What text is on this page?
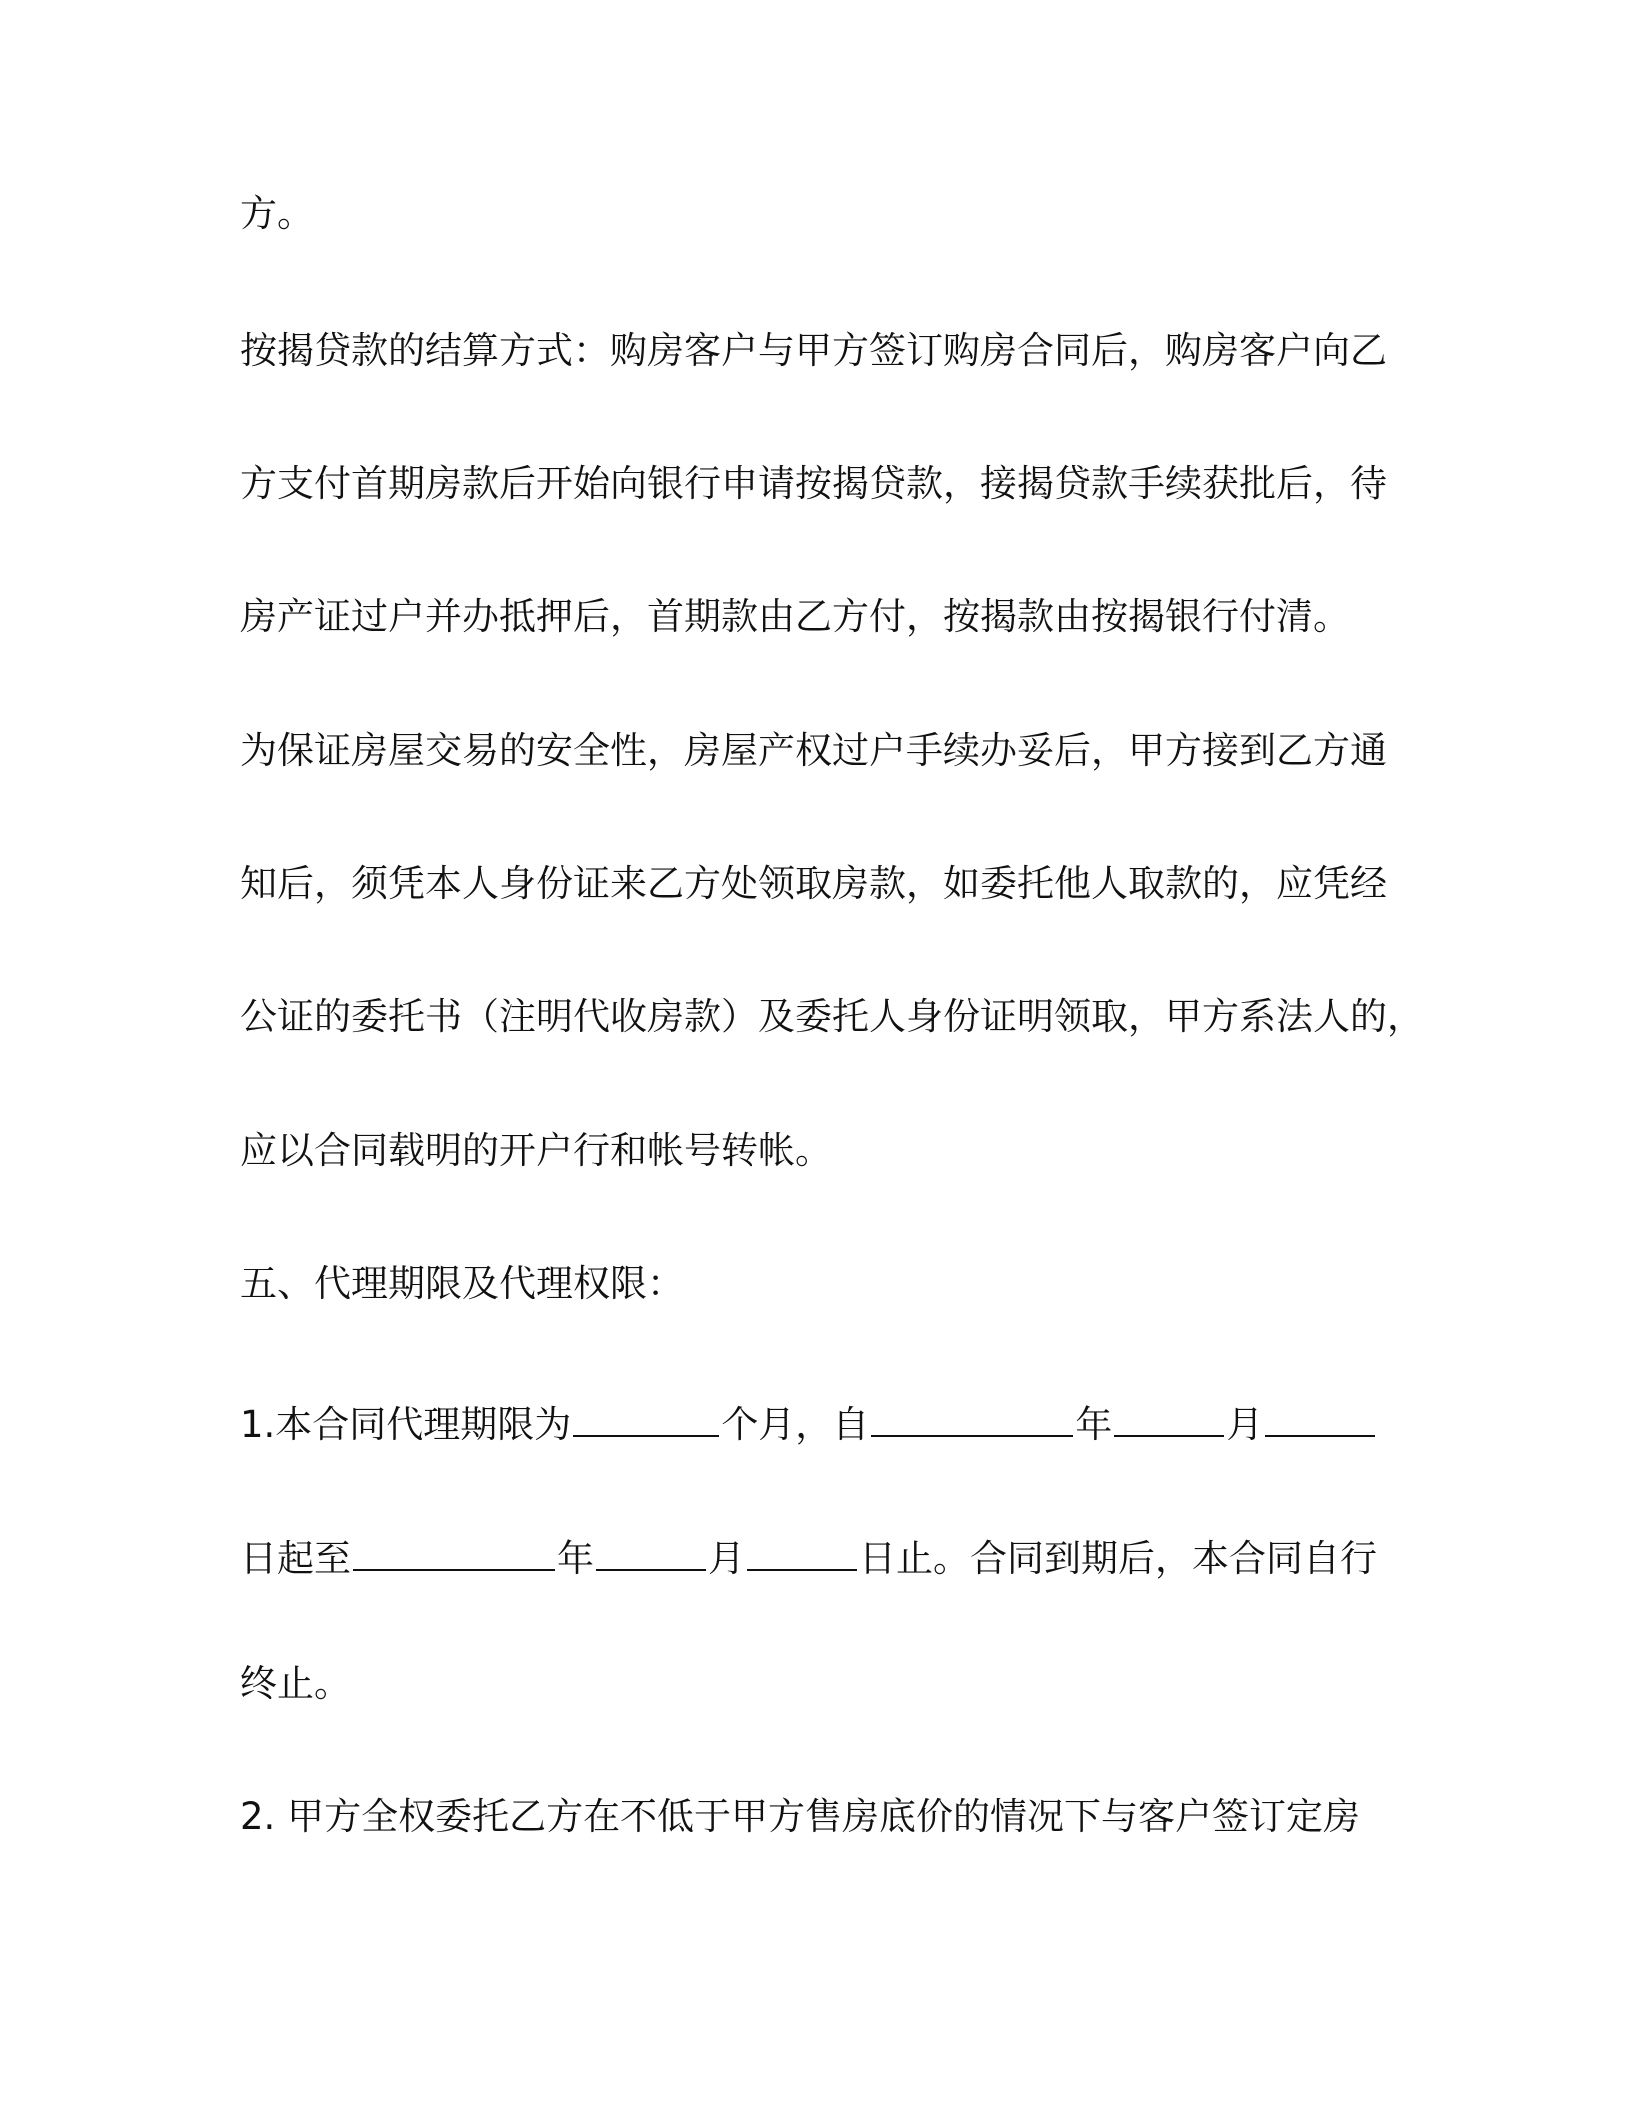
方。
按揭贷款的结算方式：购房客户与甲方签订购房合同后，购房客户向乙
方支付首期房款后开始向银行申请按揭贷款，接揭贷款手续获批后，待
房产证过户并办抵押后，首期款由乙方付，按揭款由按揭银行付清。
为保证房屋交易的安全性，房屋产权过户手续办妥后，甲方接到乙方通
知后，须凭本人身份证来乙方处领取房款，如委托他人取款的，应凭经
公证的委托书（注明代收房款）及委托人身份证明领取，甲方系法人的，
应以合同载明的开户行和帐号转帐。
五、代理期限及代理权限：
1.本合同代理期限为	个月，自	年	月
日起至	年	月	日止。合同到期后，本合同自行
终止。
2. 甲方全权委托乙方在不低于甲方售房底价的情况下与客户签订定房
